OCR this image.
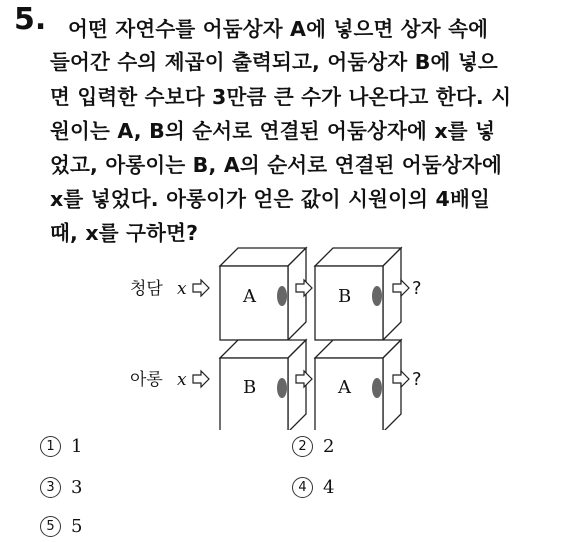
5. 어떤 자연수를 어둠상자 A에 넣으면 상자 속에
들어간 수의 제곱이 출력되고, 어둠상자 B에 넣으
면 입력한 수보다 3만큼 큰 수가 나온다고 한다. 시
원이는 A, B의 순서로 연결된 어둠상자에 x를 넣
었고, 아롱이는 B, A의 순서로 연결된 어둠상자에
x를 넣었다. 아롱이가 얻은 값이 시원이의 4배일
때, x를 구하면?
청담 x	A	B	?
아롱 x	B	A	?
1 1	2 2
3 3	4 4
5 5
